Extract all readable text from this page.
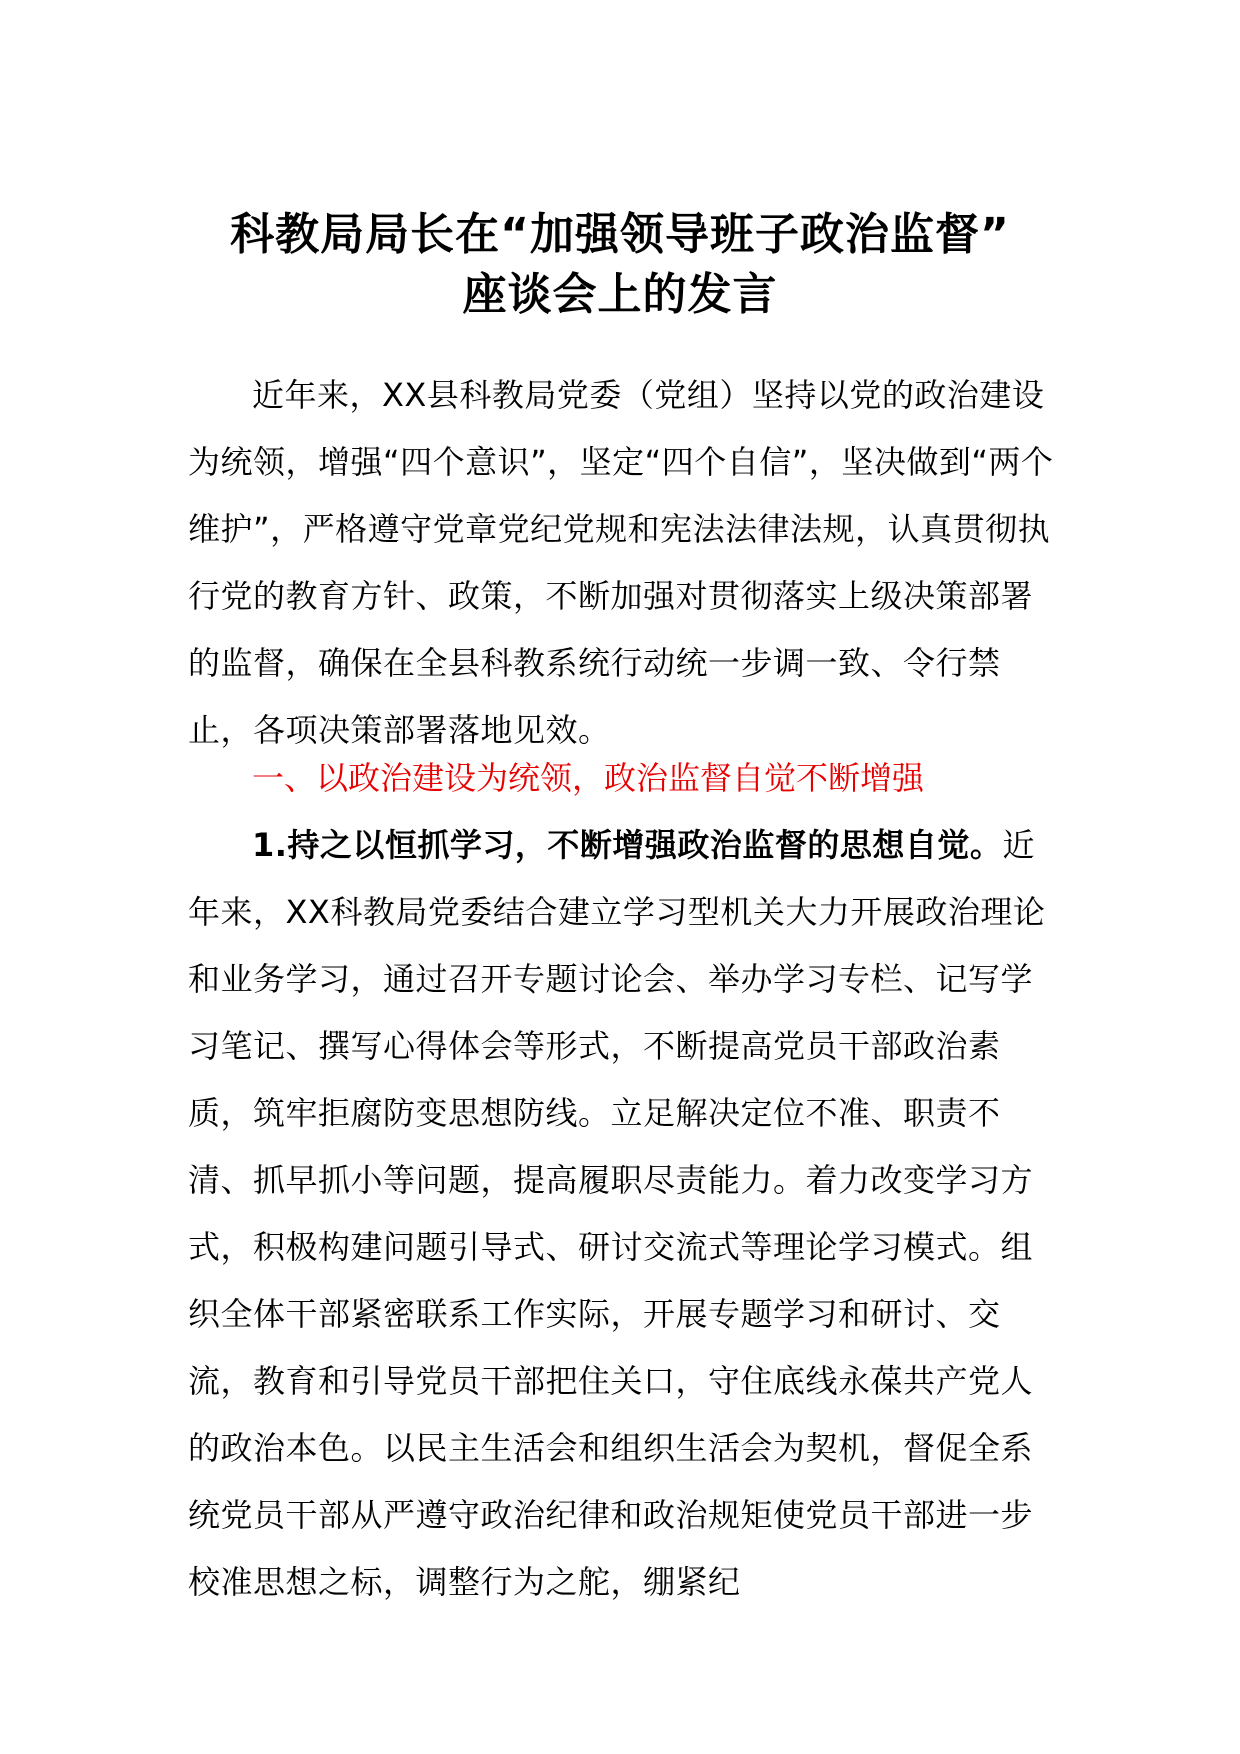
科教局局长在“加强领导班子政治监督”
座谈会上的发言
近年来，XX县科教局党委（党组）坚持以党的政治建设为统领，增强“四个意识”，坚定“四个自信”，坚决做到“两个维护”，严格遵守党章党纪党规和宪法法律法规，认真贯彻执行党的教育方针、政策，不断加强对贯彻落实上级决策部署的监督，确保在全县科教系统行动统一步调一致、令行禁止，各项决策部署落地见效。
一、以政治建设为统领，政治监督自觉不断增强
1.持之以恒抓学习，不断增强政治监督的思想自觉。近年来，XX科教局党委结合建立学习型机关大力开展政治理论和业务学习，通过召开专题讨论会、举办学习专栏、记写学习笔记、撰写心得体会等形式，不断提高党员干部政治素质，筑牢拒腐防变思想防线。立足解决定位不准、职责不清、抓早抓小等问题，提高履职尽责能力。着力改变学习方式，积极构建问题引导式、研讨交流式等理论学习模式。组织全体干部紧密联系工作实际，开展专题学习和研讨、交流，教育和引导党员干部把住关口，守住底线永葆共产党人的政治本色。以民主生活会和组织生活会为契机，督促全系统党员干部从严遵守政治纪律和政治规矩使党员干部进一步校准思想之标，调整行为之舵，绷紧纪
